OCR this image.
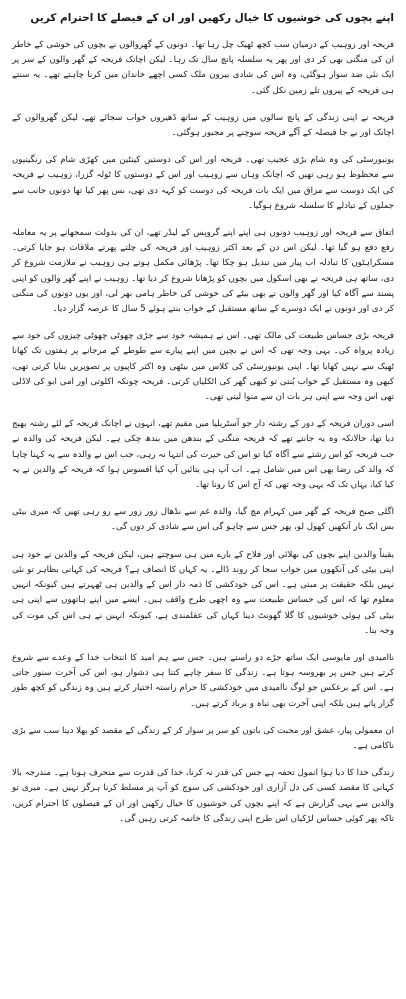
اپنے بچوں کی خوشیوں کا خیال رکھیں اور ان کے فیصلے کا احترام کریں

فریحہ اور زوہیب کے درمیان سب کچھ ٹھیک چل رہا تھا۔ دونوں کے گھروالوں نے بچوں کی خوشی کے خاطر ان کی منگنی بھی کر دی اور پھر یہ سلسلہ پانچ سال تک رہا۔ لیکن اچانک فریحہ کے گھر والوں کے سر پر ایک نئی ضد سوار ہوگئی، وہ اس کی شادی بیرون ملک کسی اچھے خاندان میں کرنا چاہتے تھے۔ یہ سنتے ہی فریحہ کے پیروں تلے زمین نکل گئی۔

فریحہ نے اپنی زندگی کے پانچ سالوں میں زوہیب کے ساتھ ڈھیروں خواب سجائے تھے، لیکن گھروالوں کے اچانک اور بے جا فیصلہ کے آگے فریحہ سوچنے پر مجبور ہوگئی۔

یونیورسٹی کی وہ شام بڑی عجیب تھی۔ فریحہ اور اس کی دوستیں کینٹین میں کھڑی شام کی رنگینیوں سے محظوظ ہو رہی تھیں کہ اچانک وہاں سے زوہیب اور اس کے دوستوں کا ٹولہ گزرا، زوہیب نے فریحہ کی ایک دوست سے مزاق میں ایک بات فریحہ کی دوست کو کہہ دی تھی، بس پھر کیا تھا دونوں جانب سے جملوں کے تبادلے کا سلسلہ شروع ہوگیا۔

اتفاق سے فریحہ اور زوہیب دونوں ہی اپنے اپنے گروپس کے لیڈر تھے، ان کی بدولت سمجھانے پر یہ معاملہ رفع دفع ہو گیا تھا۔ لیکن اس دن کے بعد اکثر زوہیب اور فریحہ کی چلتے پھرتے ملاقات ہو جایا کرتی۔ مسکراہٹوں کا تبادلہ اب پیار میں تبدیل ہو چکا تھا۔ پڑھائی مکمل ہوتے ہی زوہیب نے ملازمت شروع کر دی، ساتھ ہی فریحہ نے بھی اسکول میں بچوں کو پڑھانا شروع کر دیا تھا۔ زوہیب نے اپنے گھر والوں کو اپنی پسند سے آگاہ کیا اور گھر والوں نے بھی بیٹے کی خوشی کی خاطر ہامی بھر لی، اور یوں دونوں کی منگنی کر دی اور دونوں نے ایک دوسرے کے ساتھ مستقبل کے خواب بنتے ہوئے 5 سال کا عرصہ گزار دیا۔

فریحہ بڑی حساس طبیعت کی مالک تھی۔ اس نے ہمیشہ خود سے جڑی چھوٹی چھوٹی چیزوں کی خود سے زیادہ پرواہ کی۔ یہی وجہ تھی کہ اس نے بچپن میں اپنے پیارے سے طوطے کے مرجانے پر ہفتوں تک کھانا ٹھیک سے نہیں کھایا تھا۔ اپنی یونیورسٹی کی کلاس میں بیٹھی وہ اکثر کاپیوں پر تصویریں بنایا کرتی تھی، کبھی وہ مستقبل کے خواب بُنتی تو کبھی گھر کی اٹکلیاں کرتی۔ فریحہ چونکہ اکلوتی اور امی ابو کی لاڈلی تھی اس وجہ سے اپنی ہر بات ان سے منوا لیتی تھی۔

اسی دوران فریحہ کے دور کے رشتہ دار جو آسٹریلیا میں مقیم تھے، انہوں نے اچانک فریحہ کے لئے رشتہ بھیج دیا تھا، حالانکہ وہ یہ جانتے تھے کہ فریحہ منگنی کے بندھن میں بندھ چکی ہے۔ لیکن فریحہ کی والدہ نے جب فریحہ کو اس رشتے سے آگاہ کیا تو اس کی حیرت کی انتہا نہ رہی، جب اس نے والدہ سے یہ کہنا چاہا کہ والد کی رضا بھی اس میں شامل ہے۔ اب آپ ہی بتائیں آپ کیا افسوس ہوا کہ فریحہ کے والدین نے یہ کیا کیا، یہاں تک کہ یہی وجہ تھی کہ آج اس کا رونا تھا۔

اگلی صبح فریحہ کے گھر میں کہرام مچ گیا، والدہ غم سے نڈھال زور زور سے رو رہی تھیں کہ میری بیٹی بس ایک بار آنکھیں کھول لو، پھر جس سے چاہو گی اس سے شادی کر دوں گی۔

یقیناً والدین اپنے بچوں کی بھلائی اور فلاح کے بارے میں ہی سوچتے ہیں، لیکن فریحہ کے والدین نے خود ہی اپنی بیٹی کی آنکھوں میں خواب سجا کر روند ڈالے۔ یہ کہاں کا انصاف ہے؟ فریحہ کی کہانی بظاہر تو نئی نہیں بلکہ حقیقت پر مبنی ہے۔ اس کی خودکشی کا ذمہ دار اس کے والدین ہی ٹھہرتے ہیں کیونکہ انہیں معلوم تھا کہ اس کی حساس طبیعت سے وہ اچھی طرح واقف ہیں۔ ایسے میں اپنے ہاتھوں سے اپنی ہی بیٹی کی ہوئی خوشیوں کا گلا گھونٹ دینا کہاں کی عقلمندی ہے، کیونکہ انہیں نے ہی اس کی موت کی وجہ بنا۔

ناامیدی اور مایوسی ایک ساتھ جڑے دو راستے ہیں۔ جس سے ہم امید کا انتخاب خدا کے وعدے سے شروع کرتے ہیں جس پر بھروسہ ہوتا ہے۔ زندگی کا سفر چاہے کتنا ہی دشوار ہو، اس کی آخرت سنور جاتی ہے۔ اس کے برعکس جو لوگ ناامیدی میں خودکشی کا حرام راستہ اختیار کرتے ہیں وہ زندگی کو کچھ طور گزار پاتے ہیں بلکہ اپنی آخرت بھی تباہ و برباد کرتے ہیں۔

ان معمولی پیار، عشق اور محبت کی باتوں کو سر پر سوار کر کے زندگی کے مقصد کو بھلا دینا سب سے بڑی ناکامی ہے۔

زندگی خدا کا دیا ہوا انمول تحفہ ہے جس کی قدر نہ کرنا، خدا کی قدرت سے منحرف ہونا ہے۔ مندرجہ بالا کہانی کا مقصد کسی کی دل آزاری اور خودکشی کی سوچ کو آپ پر مسلط کرنا ہرگز نہیں ہے۔ میری تو والدین سے یہی گزارش ہے کہ اپنے بچوں کی خوشیوں کا خیال رکھیں اور ان کے فیصلوں کا احترام کریں، تاکہ پھر کوئی حساس لڑکیاں اس طرح اپنی زندگی کا خاتمہ کرتی رہیں گی۔
